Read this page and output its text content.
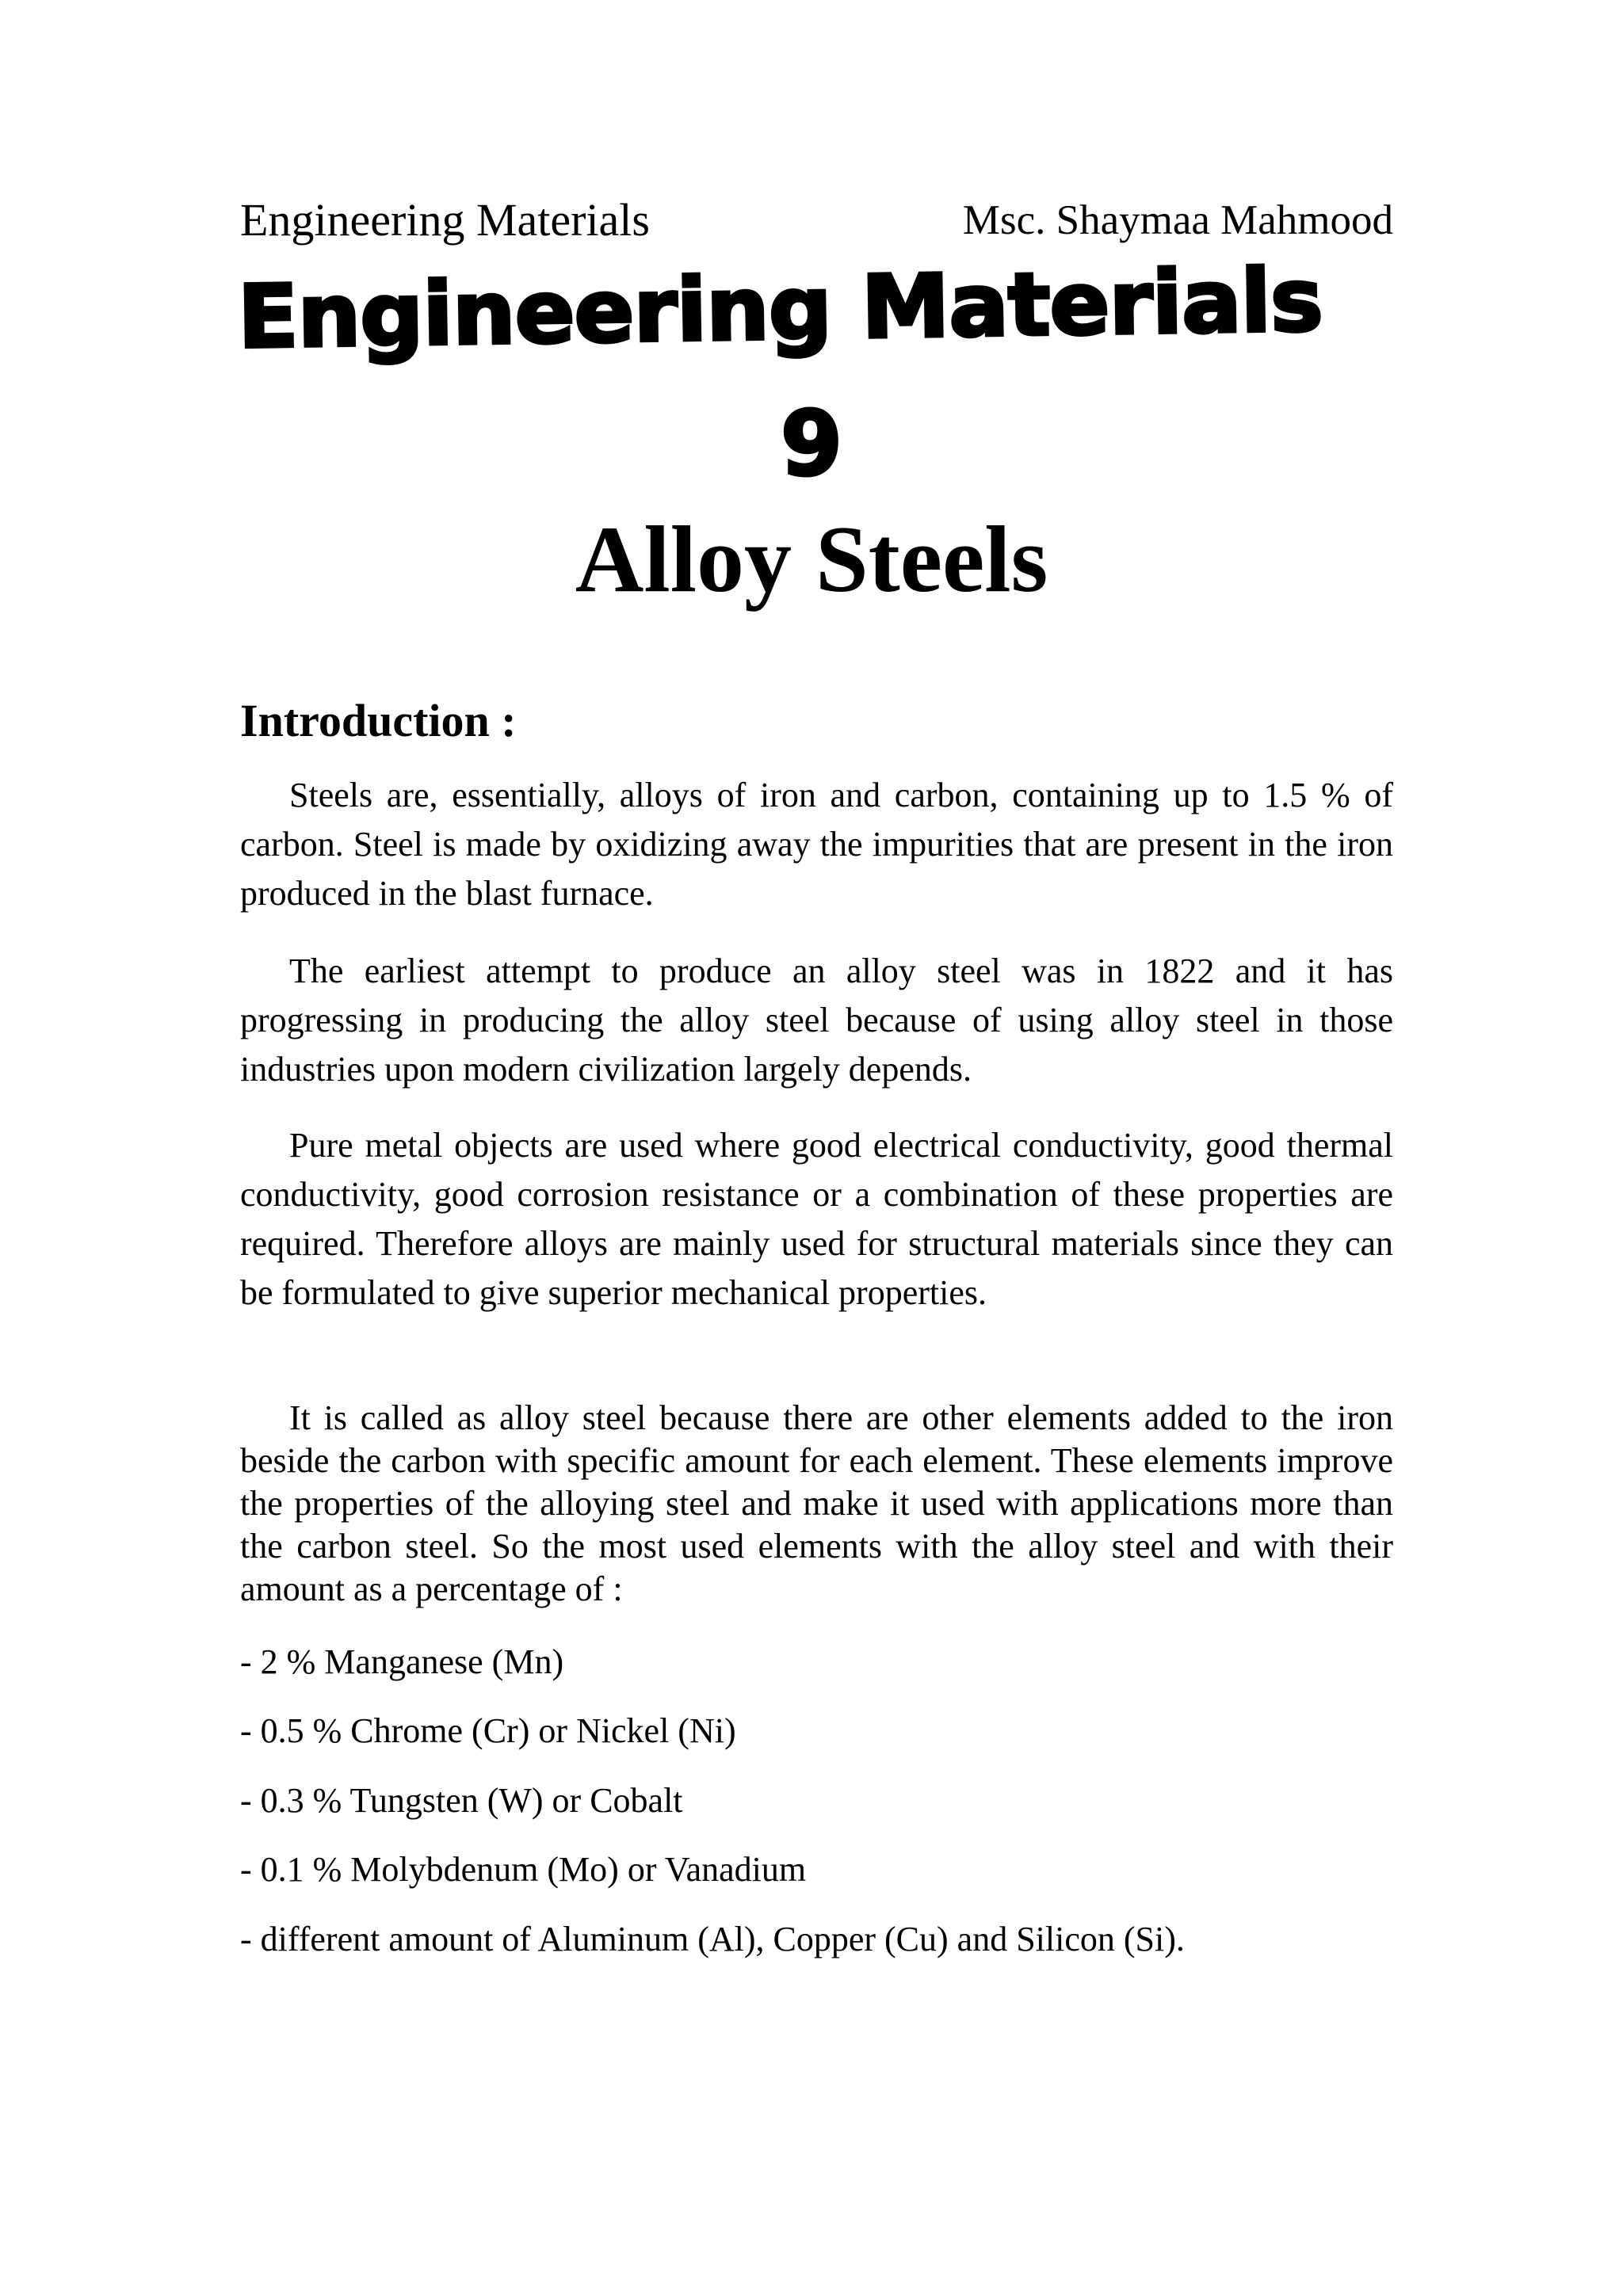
Engineering Materials	Msc. Shaymaa Mahmood
Engineering Materials
9
Alloy Steels
Introduction :

Steels are, essentially, alloys of iron and carbon, containing up to 1.5 % of carbon. Steel is made by oxidizing away the impurities that are present in the iron produced in the blast furnace.

The earliest attempt to produce an alloy steel was in 1822 and it has progressing in producing the alloy steel because of using alloy steel in those industries upon modern civilization largely depends.

Pure metal objects are used where good electrical conductivity, good thermal conductivity, good corrosion resistance or a combination of these properties are required. Therefore alloys are mainly used for structural materials since they can be formulated to give superior mechanical properties.

It is called as alloy steel because there are other elements added to the iron beside the carbon with specific amount for each element. These elements improve the properties of the alloying steel and make it used with applications more than the carbon steel. So the most used elements with the alloy steel and with their amount as a percentage of :

- 2 % Manganese (Mn)
- 0.5 % Chrome (Cr) or Nickel (Ni)
- 0.3 % Tungsten (W) or Cobalt
- 0.1 % Molybdenum (Mo) or Vanadium
- different amount of Aluminum (Al), Copper (Cu) and Silicon (Si).
